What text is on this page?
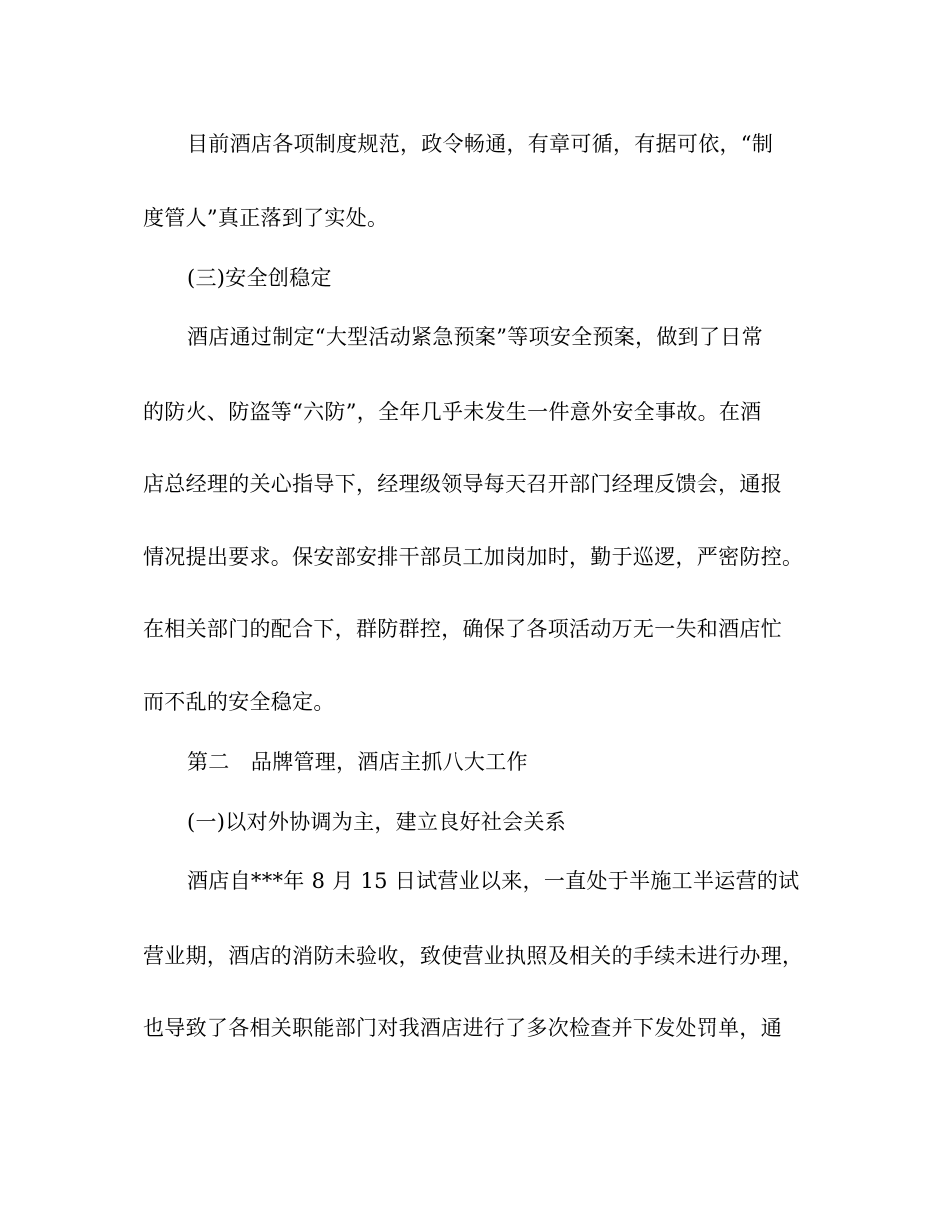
目前酒店各项制度规范，政令畅通，有章可循，有据可依，“制
度管人”真正落到了实处。
(三)安全创稳定
酒店通过制定“大型活动紧急预案”等项安全预案，做到了日常
的防火、防盗等“六防”，全年几乎未发生一件意外安全事故。在酒
店总经理的关心指导下，经理级领导每天召开部门经理反馈会，通报
情况提出要求。保安部安排干部员工加岗加时，勤于巡逻，严密防控。
在相关部门的配合下，群防群控，确保了各项活动万无一失和酒店忙
而不乱的安全稳定。
第二　品牌管理，酒店主抓八大工作
(一)以对外协调为主，建立良好社会关系
酒店自***年 8 月 15 日试营业以来，一直处于半施工半运营的试
营业期，酒店的消防未验收，致使营业执照及相关的手续未进行办理，
也导致了各相关职能部门对我酒店进行了多次检查并下发处罚单，通
